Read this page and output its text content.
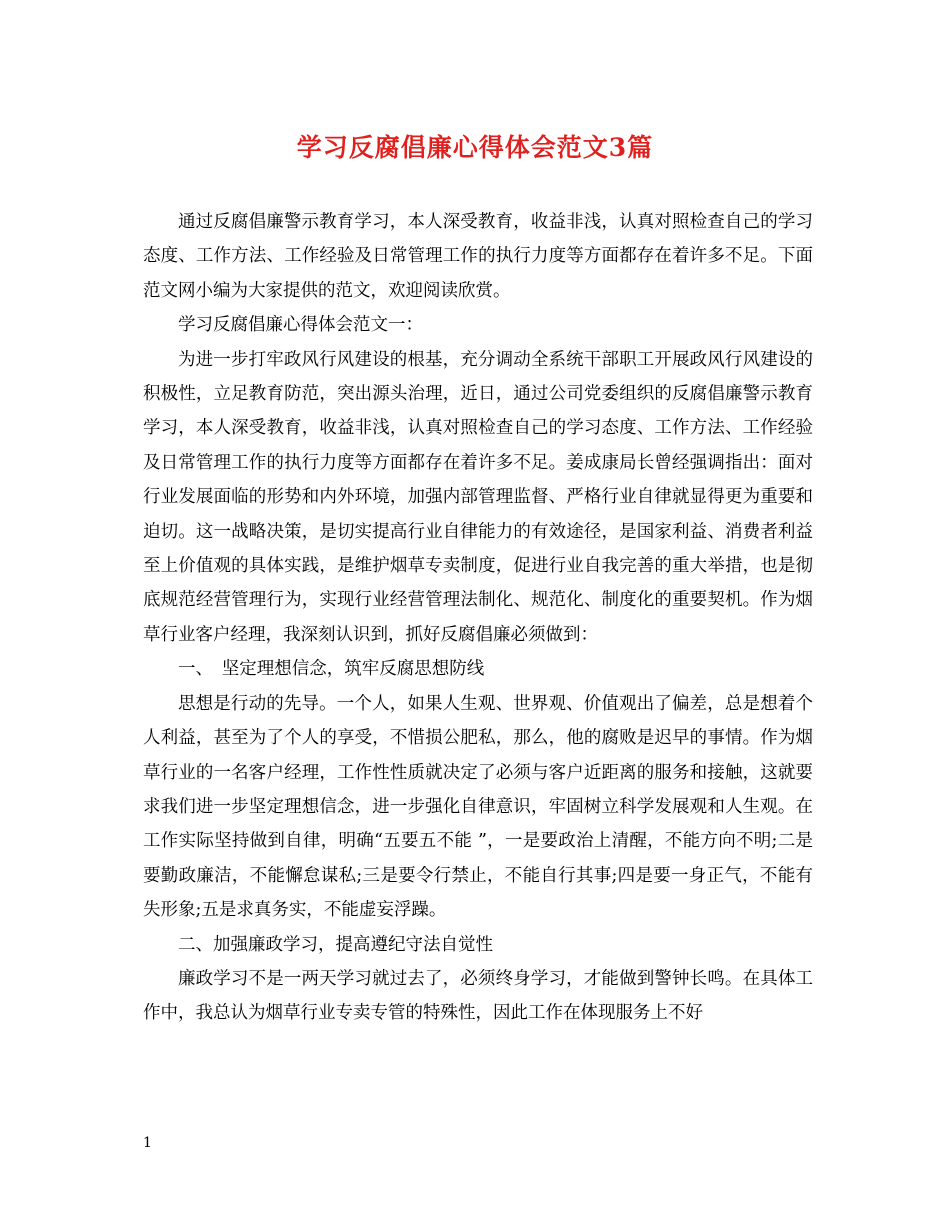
学习反腐倡廉心得体会范文3篇

通过反腐倡廉警示教育学习，本人深受教育，收益非浅，认真对照检查自己的学习态度、工作方法、工作经验及日常管理工作的执行力度等方面都存在着许多不足。下面范文网小编为大家提供的范文，欢迎阅读欣赏。

学习反腐倡廉心得体会范文一：

为进一步打牢政风行风建设的根基，充分调动全系统干部职工开展政风行风建设的积极性，立足教育防范，突出源头治理，近日，通过公司党委组织的反腐倡廉警示教育学习，本人深受教育，收益非浅，认真对照检查自己的学习态度、工作方法、工作经验及日常管理工作的执行力度等方面都存在着许多不足。姜成康局长曾经强调指出：面对行业发展面临的形势和内外环境，加强内部管理监督、严格行业自律就显得更为重要和迫切。这一战略决策，是切实提高行业自律能力的有效途径，是国家利益、消费者利益至上价值观的具体实践，是维护烟草专卖制度，促进行业自我完善的重大举措，也是彻底规范经营管理行为，实现行业经营管理法制化、规范化、制度化的重要契机。作为烟草行业客户经理，我深刻认识到，抓好反腐倡廉必须做到：

一、　坚定理想信念，筑牢反腐思想防线

思想是行动的先导。一个人，如果人生观、世界观、价值观出了偏差，总是想着个人利益，甚至为了个人的享受，不惜损公肥私，那么，他的腐败是迟早的事情。作为烟草行业的一名客户经理，工作性性质就决定了必须与客户近距离的服务和接触，这就要求我们进一步坚定理想信念，进一步强化自律意识，牢固树立科学发展观和人生观。在工作实际坚持做到自律，明确“五要五不能 ”，一是要政治上清醒，不能方向不明;二是要勤政廉洁，不能懈怠谋私;三是要令行禁止，不能自行其事;四是要一身正气，不能有失形象;五是求真务实，不能虚妄浮躁。

二、加强廉政学习，提高遵纪守法自觉性

廉政学习不是一两天学习就过去了，必须终身学习，才能做到警钟长鸣。在具体工作中，我总认为烟草行业专卖专管的特殊性，因此工作在体现服务上不好

1
